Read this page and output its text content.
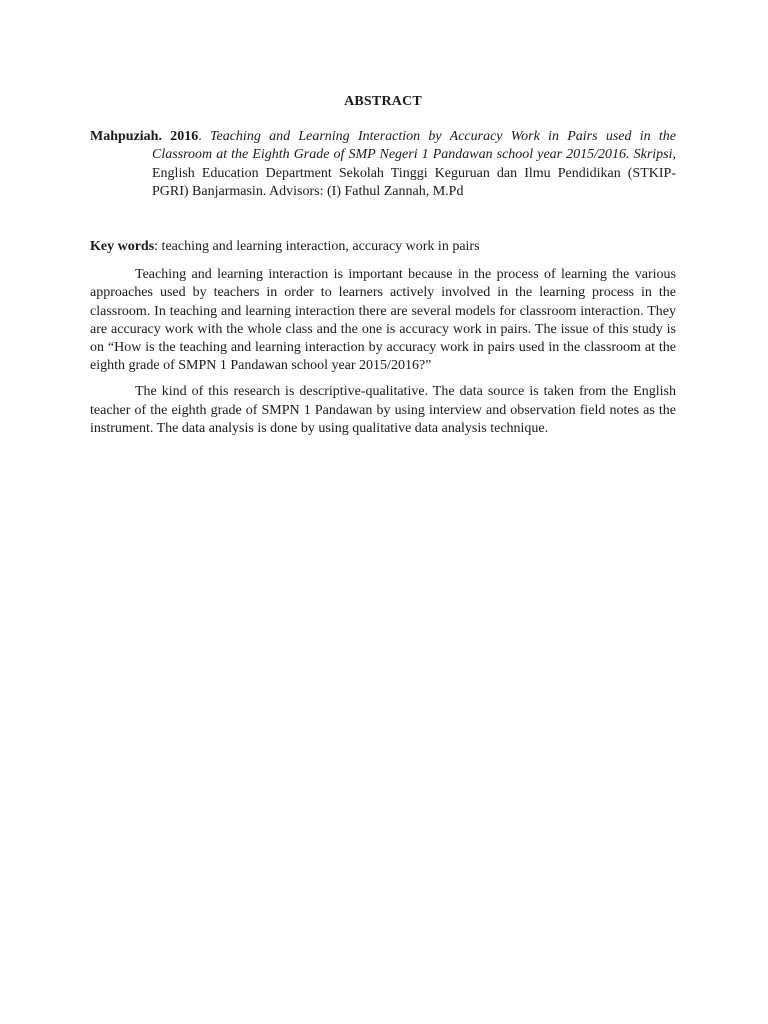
ABSTRACT

Mahpuziah. 2016. Teaching and Learning Interaction by Accuracy Work in Pairs used in the Classroom at the Eighth Grade of SMP Negeri 1 Pandawan school year 2015/2016. Skripsi, English Education Department Sekolah Tinggi Keguruan dan Ilmu Pendidikan (STKIP-PGRI) Banjarmasin. Advisors: (I) Fathul Zannah, M.Pd

Key words: teaching and learning interaction, accuracy work in pairs

Teaching and learning interaction is important because in the process of learning the various approaches used by teachers in order to learners actively involved in the learning process in the classroom. In teaching and learning interaction there are several models for classroom interaction. They are accuracy work with the whole class and the one is accuracy work in pairs. The issue of this study is on “How is the teaching and learning interaction by accuracy work in pairs used in the classroom at the eighth grade of SMPN 1 Pandawan school year 2015/2016?”

The kind of this research is descriptive-qualitative. The data source is taken from the English teacher of the eighth grade of SMPN 1 Pandawan by using interview and observation field notes as the instrument. The data analysis is done by using qualitative data analysis technique.
